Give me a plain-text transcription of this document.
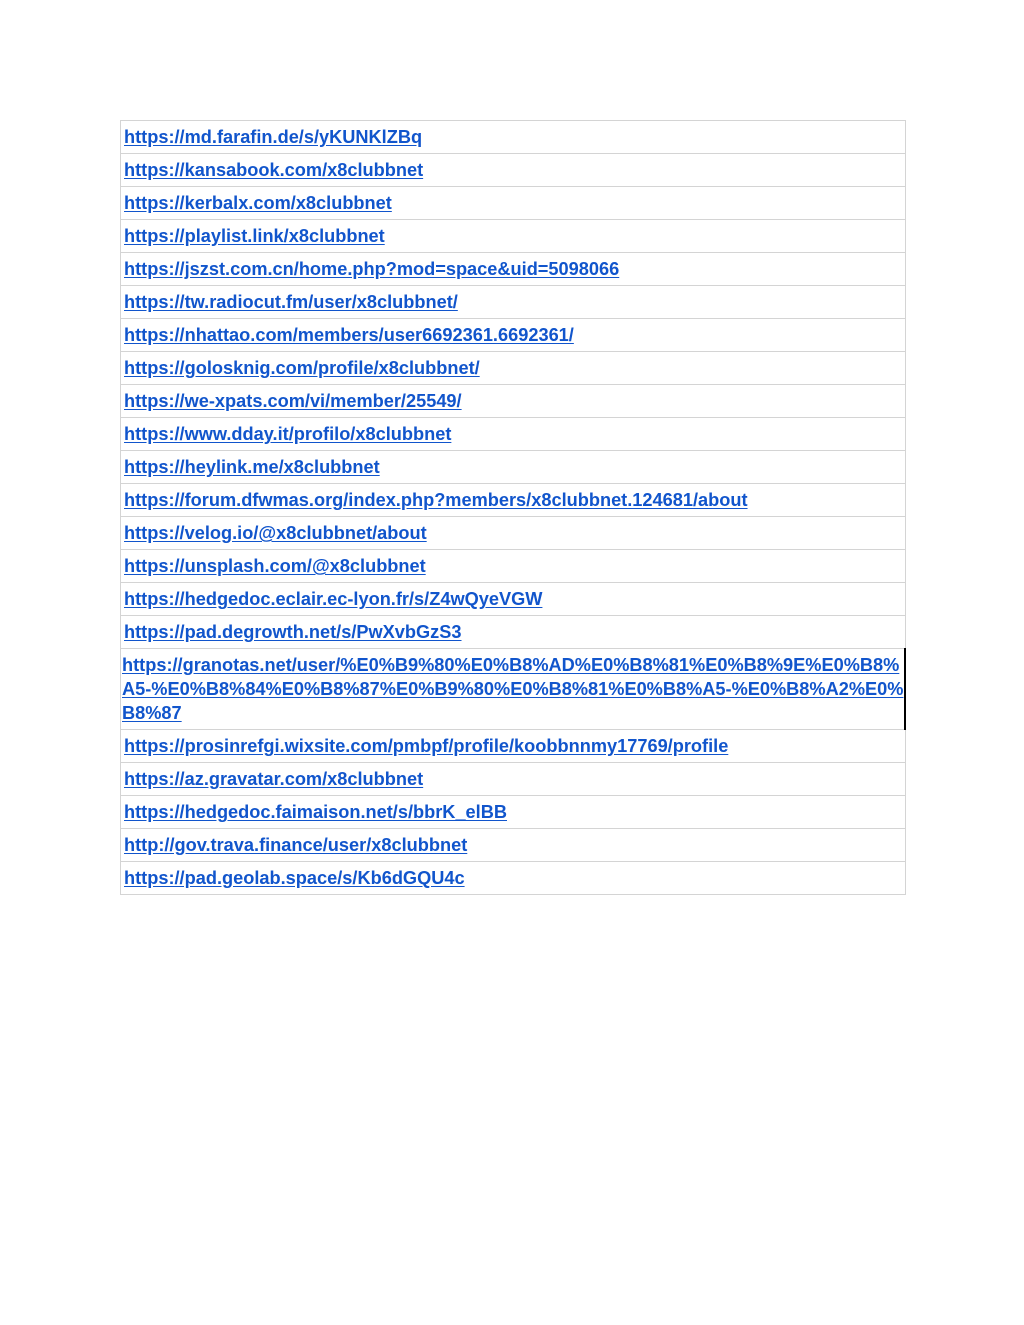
https://md.farafin.de/s/yKUNKlZBq
https://kansabook.com/x8clubbnet
https://kerbalx.com/x8clubbnet
https://playlist.link/x8clubbnet
https://jszst.com.cn/home.php?mod=space&uid=5098066
https://tw.radiocut.fm/user/x8clubbnet/
https://nhattao.com/members/user6692361.6692361/
https://golosknig.com/profile/x8clubbnet/
https://we-xpats.com/vi/member/25549/
https://www.dday.it/profilo/x8clubbnet
https://heylink.me/x8clubbnet
https://forum.dfwmas.org/index.php?members/x8clubbnet.124681/about
https://velog.io/@x8clubbnet/about
https://unsplash.com/@x8clubbnet
https://hedgedoc.eclair.ec-lyon.fr/s/Z4wQyeVGW
https://pad.degrowth.net/s/PwXvbGzS3
https://granotas.net/user/%E0%B9%80%E0%B8%AD%E0%B8%81%E0%B8%9E%E0%B8%A5-%E0%B8%84%E0%B8%87%E0%B9%80%E0%B8%81%E0%B8%A5-%E0%B8%A2%E0%B8%87
https://prosinrefgi.wixsite.com/pmbpf/profile/koobbnnmy17769/profile
https://az.gravatar.com/x8clubbnet
https://hedgedoc.faimaison.net/s/bbrK_elBB
http://gov.trava.finance/user/x8clubbnet
https://pad.geolab.space/s/Kb6dGQU4c
